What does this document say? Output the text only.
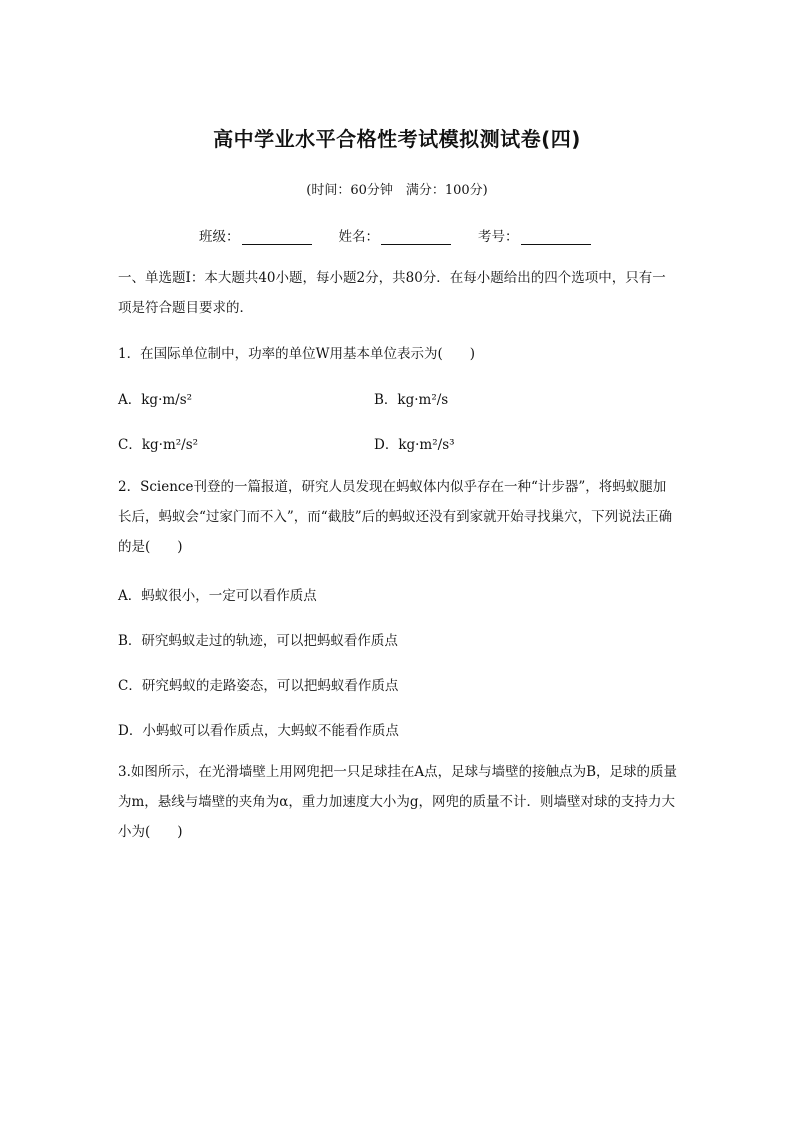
高中学业水平合格性考试模拟测试卷(四)
(时间：60分钟　满分：100分)
班级：	姓名：	考号：
一、单选题Ⅰ：本大题共40小题，每小题2分，共80分．在每小题给出的四个选项中，只有一项是符合题目要求的．
1．在国际单位制中，功率的单位W用基本单位表示为(　　)
A．kg·m/s²	B．kg·m²/s
C．kg·m²/s²	D．kg·m²/s³
2．Science刊登的一篇报道，研究人员发现在蚂蚁体内似乎存在一种“计步器”，将蚂蚁腿加长后，蚂蚁会“过家门而不入”，而“截肢”后的蚂蚁还没有到家就开始寻找巢穴，下列说法正确的是(　　)
A．蚂蚁很小，一定可以看作质点
B．研究蚂蚁走过的轨迹，可以把蚂蚁看作质点
C．研究蚂蚁的走路姿态，可以把蚂蚁看作质点
D．小蚂蚁可以看作质点，大蚂蚁不能看作质点
3.如图所示，在光滑墙壁上用网兜把一只足球挂在A点，足球与墙壁的接触点为B，足球的质量为m，悬线与墙壁的夹角为α，重力加速度大小为g，网兜的质量不计．则墙壁对球的支持力大小为(　　)
